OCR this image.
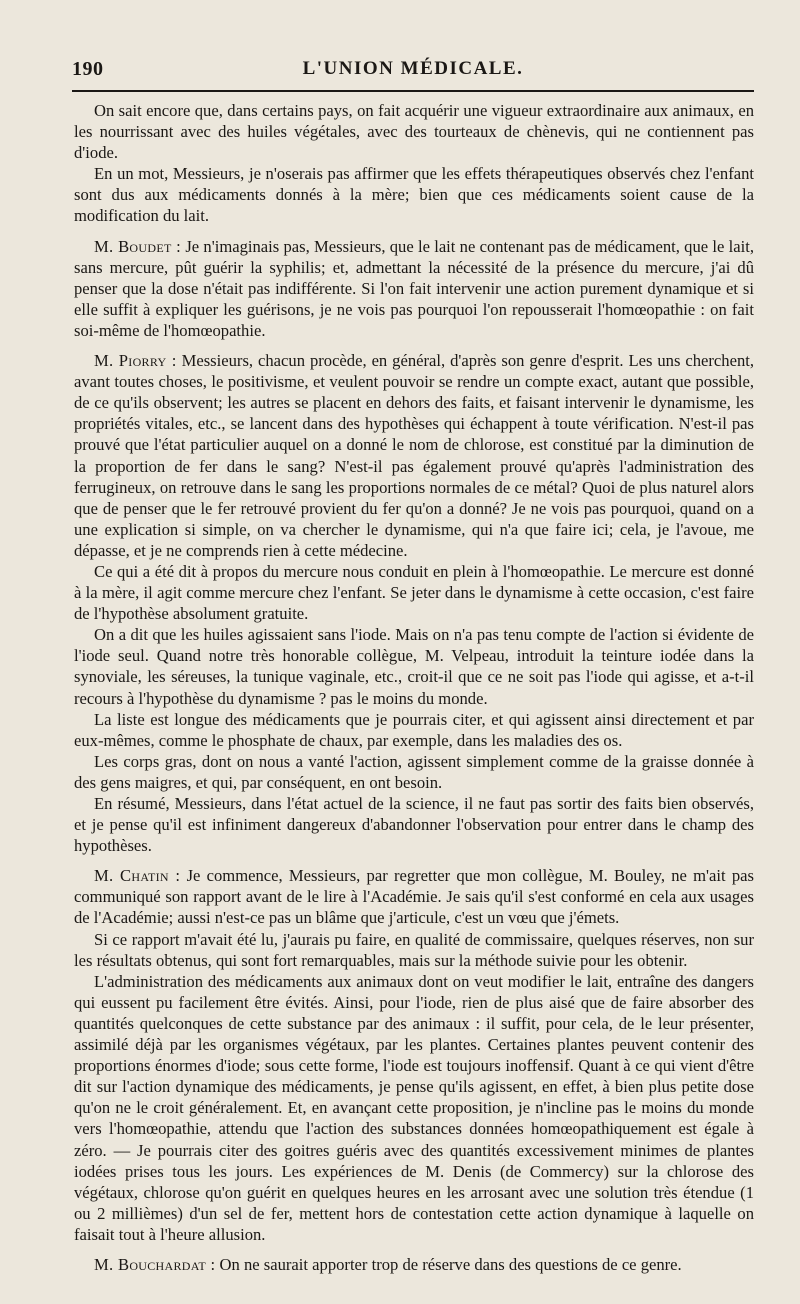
190	L'UNION MÉDICALE.

On sait encore que, dans certains pays, on fait acquérir une vigueur extraordinaire aux animaux, en les nourrissant avec des huiles végétales, avec des tourteaux de chènevis, qui ne contiennent pas d'iode.

En un mot, Messieurs, je n'oserais pas affirmer que les effets thérapeutiques observés chez l'enfant sont dus aux médicaments donnés à la mère; bien que ces médicaments soient cause de la modification du lait.

M. Boudet : Je n'imaginais pas, Messieurs, que le lait ne contenant pas de médicament, que le lait, sans mercure, pût guérir la syphilis; et, admettant la nécessité de la présence du mercure, j'ai dû penser que la dose n'était pas indifférente. Si l'on fait intervenir une action purement dynamique et si elle suffit à expliquer les guérisons, je ne vois pas pourquoi l'on repousserait l'homœopathie : on fait soi-même de l'homœopathie.

M. Piorry : Messieurs, chacun procède, en général, d'après son genre d'esprit. Les uns cherchent, avant toutes choses, le positivisme, et veulent pouvoir se rendre un compte exact, autant que possible, de ce qu'ils observent; les autres se placent en dehors des faits, et faisant intervenir le dynamisme, les propriétés vitales, etc., se lancent dans des hypothèses qui échappent à toute vérification. N'est-il pas prouvé que l'état particulier auquel on a donné le nom de chlorose, est constitué par la diminution de la proportion de fer dans le sang? N'est-il pas également prouvé qu'après l'administration des ferrugineux, on retrouve dans le sang les proportions normales de ce métal? Quoi de plus naturel alors que de penser que le fer retrouvé provient du fer qu'on a donné? Je ne vois pas pourquoi, quand on a une explication si simple, on va chercher le dynamisme, qui n'a que faire ici; cela, je l'avoue, me dépasse, et je ne comprends rien à cette médecine.

Ce qui a été dit à propos du mercure nous conduit en plein à l'homœopathie. Le mercure est donné à la mère, il agit comme mercure chez l'enfant. Se jeter dans le dynamisme à cette occasion, c'est faire de l'hypothèse absolument gratuite.

On a dit que les huiles agissaient sans l'iode. Mais on n'a pas tenu compte de l'action si évidente de l'iode seul. Quand notre très honorable collègue, M. Velpeau, introduit la teinture iodée dans la synoviale, les séreuses, la tunique vaginale, etc., croit-il que ce ne soit pas l'iode qui agisse, et a-t-il recours à l'hypothèse du dynamisme ? pas le moins du monde.

La liste est longue des médicaments que je pourrais citer, et qui agissent ainsi directement et par eux-mêmes, comme le phosphate de chaux, par exemple, dans les maladies des os.

Les corps gras, dont on nous a vanté l'action, agissent simplement comme de la graisse donnée à des gens maigres, et qui, par conséquent, en ont besoin.

En résumé, Messieurs, dans l'état actuel de la science, il ne faut pas sortir des faits bien observés, et je pense qu'il est infiniment dangereux d'abandonner l'observation pour entrer dans le champ des hypothèses.

M. Chatin : Je commence, Messieurs, par regretter que mon collègue, M. Bouley, ne m'ait pas communiqué son rapport avant de le lire à l'Académie. Je sais qu'il s'est conformé en cela aux usages de l'Académie; aussi n'est-ce pas un blâme que j'articule, c'est un vœu que j'émets.

Si ce rapport m'avait été lu, j'aurais pu faire, en qualité de commissaire, quelques réserves, non sur les résultats obtenus, qui sont fort remarquables, mais sur la méthode suivie pour les obtenir.

L'administration des médicaments aux animaux dont on veut modifier le lait, entraîne des dangers qui eussent pu facilement être évités. Ainsi, pour l'iode, rien de plus aisé que de faire absorber des quantités quelconques de cette substance par des animaux : il suffit, pour cela, de le leur présenter, assimilé déjà par les organismes végétaux, par les plantes. Certaines plantes peuvent contenir des proportions énormes d'iode; sous cette forme, l'iode est toujours inoffensif. Quant à ce qui vient d'être dit sur l'action dynamique des médicaments, je pense qu'ils agissent, en effet, à bien plus petite dose qu'on ne le croit généralement. Et, en avançant cette proposition, je n'incline pas le moins du monde vers l'homœopathie, attendu que l'action des substances données homœopathiquement est égale à zéro. — Je pourrais citer des goitres guéris avec des quantités excessivement minimes de plantes iodées prises tous les jours. Les expériences de M. Denis (de Commercy) sur la chlorose des végétaux, chlorose qu'on guérit en quelques heures en les arrosant avec une solution très étendue (1 ou 2 millièmes) d'un sel de fer, mettent hors de contestation cette action dynamique à laquelle on faisait tout à l'heure allusion.

M. Bouchardat : On ne saurait apporter trop de réserve dans des questions de ce genre.
